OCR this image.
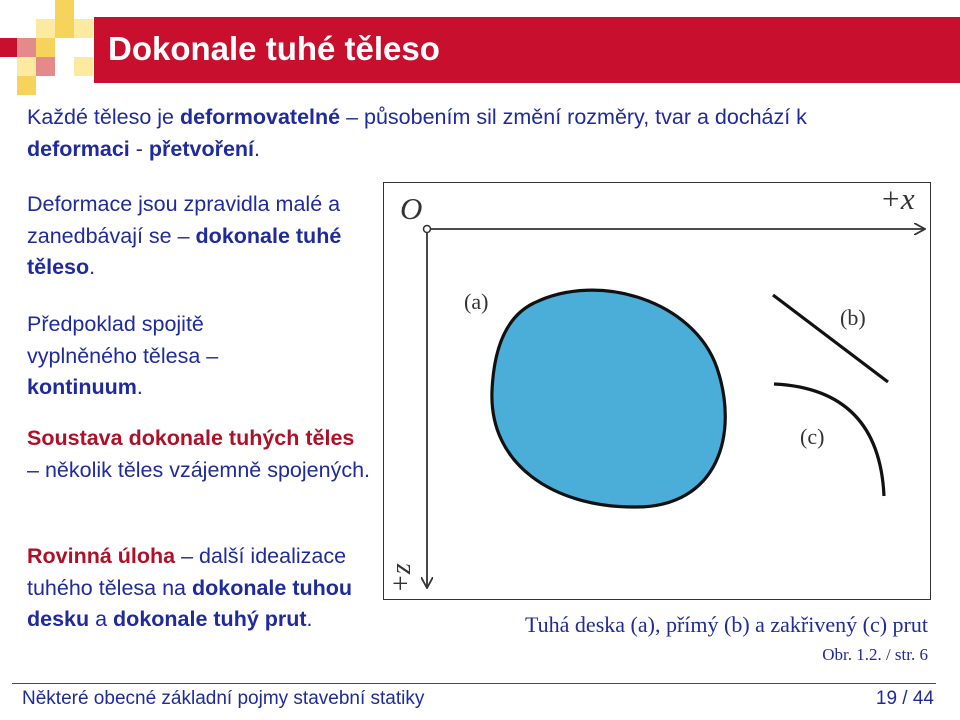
Dokonale tuhé těleso
Každé těleso je deformovatelné – působením sil změní rozměry, tvar a dochází k deformaci - přetvoření.
Deformace jsou zpravidla malé a zanedbávají se – dokonale tuhé těleso.
Předpoklad spojitě vyplněného tělesa – kontinuum.
Soustava dokonale tuhých těles – několik těles vzájemně spojených.
Rovinná úloha – další idealizace tuhého tělesa na dokonale tuhou desku a dokonale tuhý prut.
O	+x
+z
(a)
(b)
(c)
Tuhá deska (a), přímý (b) a zakřivený (c) prut
Obr. 1.2. / str. 6
Některé obecné základní pojmy stavební statiky	19 / 44
